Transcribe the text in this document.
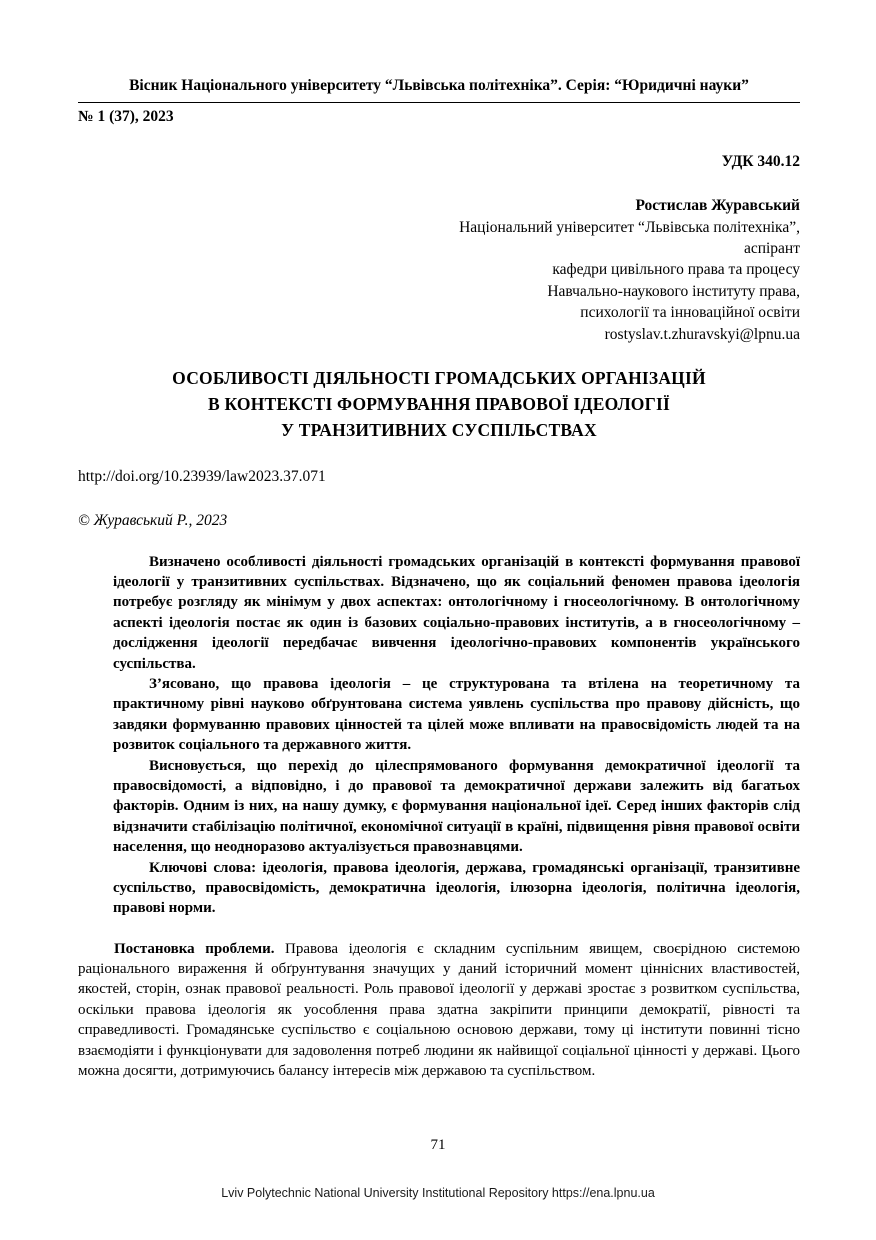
Вісник Національного університету “Львівська політехніка”. Серія: “Юридичні науки”
№ 1 (37), 2023
УДК 340.12
Ростислав Журавський
Національний університет “Львівська політехніка”,
аспірант
кафедри цивільного права та процесу
Навчально-наукового інституту права,
психології та інноваційної освіти
rostyslav.t.zhuravskyi@lpnu.ua
ОСОБЛИВОСТІ ДІЯЛЬНОСТІ ГРОМАДСЬКИХ ОРГАНІЗАЦІЙ
В КОНТЕКСТІ ФОРМУВАННЯ ПРАВОВОЇ ІДЕОЛОГІЇ
У ТРАНЗИТИВНИХ СУСПІЛЬСТВАХ
http://doi.org/10.23939/law2023.37.071
© Журавський Р., 2023

Визначено особливості діяльності громадських організацій в контексті формування правової ідеології у транзитивних суспільствах. Відзначено, що як соціальний феномен правова ідеологія потребує розгляду як мінімум у двох аспектах: онтологічному і гносеологічному. В онтологічному аспекті ідеологія постає як один із базових соціально-правових інститутів, а в гносеологічному – дослідження ідеології передбачає вивчення ідеологічно-правових компонентів українського суспільства.

З’ясовано, що правова ідеологія – це структурована та втілена на теоретичному та практичному рівні науково обґрунтована система уявлень суспільства про правову дійсність, що завдяки формуванню правових цінностей та цілей може впливати на правосвідомість людей та на розвиток соціального та державного життя.

Висновується, що перехід до цілеспрямованого формування демократичної ідеології та правосвідомості, а відповідно, і до правової та демократичної держави залежить від багатьох факторів. Одним із них, на нашу думку, є формування національної ідеї. Серед інших факторів слід відзначити стабілізацію політичної, економічної ситуації в країні, підвищення рівня правової освіти населення, що неодноразово актуалізується правознавцями.

Ключові слова: ідеологія, правова ідеологія, держава, громадянські організації, транзитивне суспільство, правосвідомість, демократична ідеологія, ілюзорна ідеологія, політична ідеологія, правові норми.

Постановка проблеми. Правова ідеологія є складним суспільним явищем, своєрідною системою раціонального вираження й обґрунтування значущих у даний історичний момент ціннісних властивостей, якостей, сторін, ознак правової реальності. Роль правової ідеології у державі зростає з розвитком суспільства, оскільки правова ідеологія як уособлення права здатна закріпити принципи демократії, рівності та справедливості. Громадянське суспільство є соціальною основою держави, тому ці інститути повинні тісно взаємодіяти і функціонувати для задоволення потреб людини як найвищої соціальної цінності у державі. Цього можна досягти, дотримуючись балансу інтересів між державою та суспільством.

71
Lviv Polytechnic National University Institutional Repository https://ena.lpnu.ua
